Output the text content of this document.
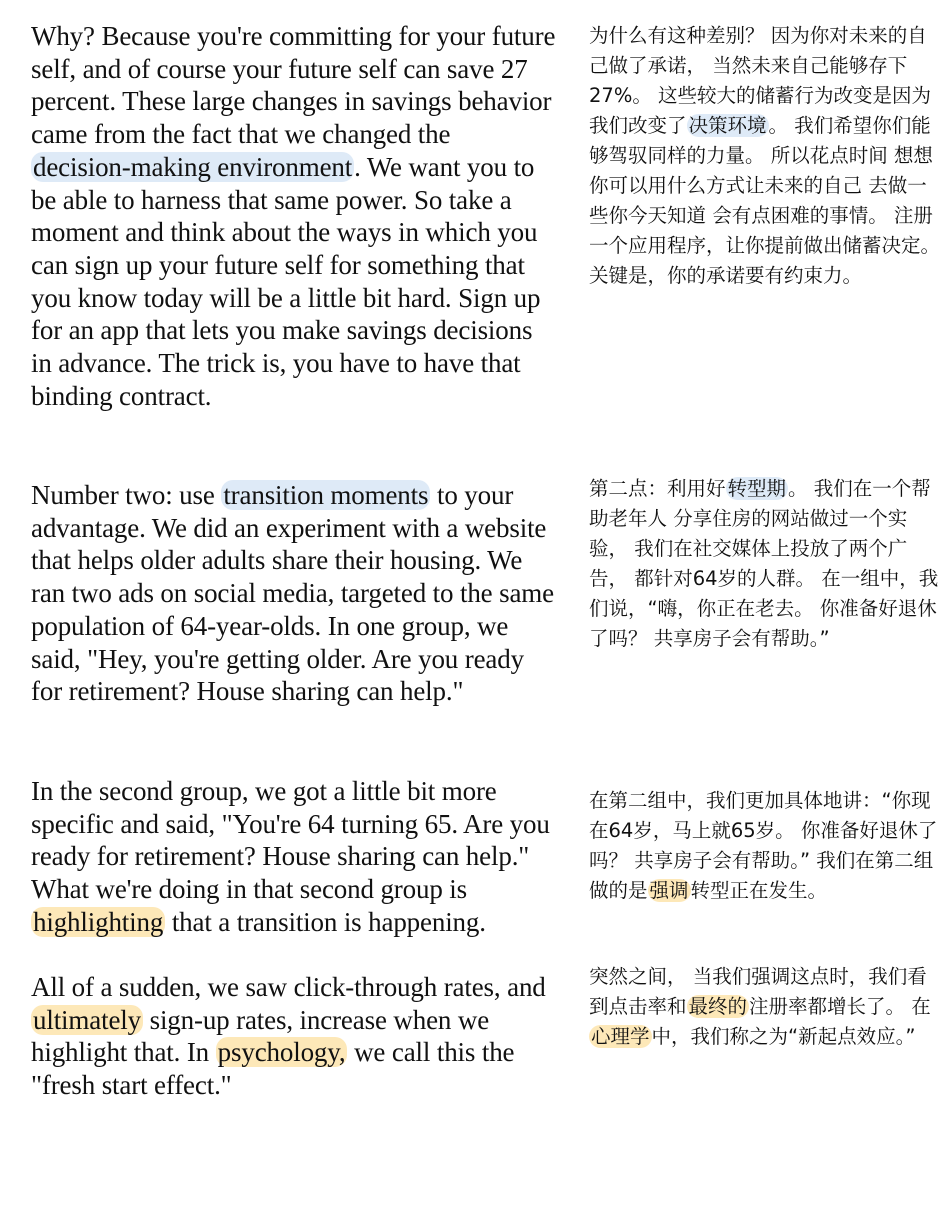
Why? Because you're committing for your future self, and of course your future self can save 27 percent. These large changes in savings behavior came from the fact that we changed the decision-making environment. We want you to be able to harness that same power. So take a moment and think about the ways in which you can sign up your future self for something that you know today will be a little bit hard. Sign up for an app that lets you make savings decisions in advance. The trick is, you have to have that binding contract.

Number two: use transition moments to your advantage. We did an experiment with a website that helps older adults share their housing. We ran two ads on social media, targeted to the same population of 64-year-olds. In one group, we said, "Hey, you're getting older. Are you ready for retirement? House sharing can help."

In the second group, we got a little bit more specific and said, "You're 64 turning 65. Are you ready for retirement? House sharing can help." What we're doing in that second group is highlighting that a transition is happening.

All of a sudden, we saw click-through rates, and ultimately sign-up rates, increase when we highlight that. In psychology, we call this the "fresh start effect."

为什么有这种差别？ 因为你对未来的自己做了承诺， 当然未来自己能够存下27%。 这些较大的储蓄行为改变是因为我们改变了 决策环境 。 我们希望你们能够驾驭同样的力量。 所以花点时间 想想你可以用什么方式让未来的自己 去做一些你今天知道 会有点困难的事情。 注册一个应用程序，让你提前做出储蓄决定。 关键是，你的承诺要有约束力。

第二点：利用好 转型期 。 我们在一个帮助老年人 分享住房的网站做过一个实验， 我们在社交媒体上投放了两个广告， 都针对64岁的人群。 在一组中，我们说，“嗨，你正在老去。 你准备好退休了吗？ 共享房子会有帮助。”

在第二组中，我们更加具体地讲：“你现在64岁，马上就65岁。 你准备好退休了吗？ 共享房子会有帮助。” 我们在第二组做的是 强调 转型正在发生。

突然之间， 当我们强调这点时，我们看到点击率和 最终的 注册率都增长了。 在心理学 中，我们称之为“新起点效应。”
